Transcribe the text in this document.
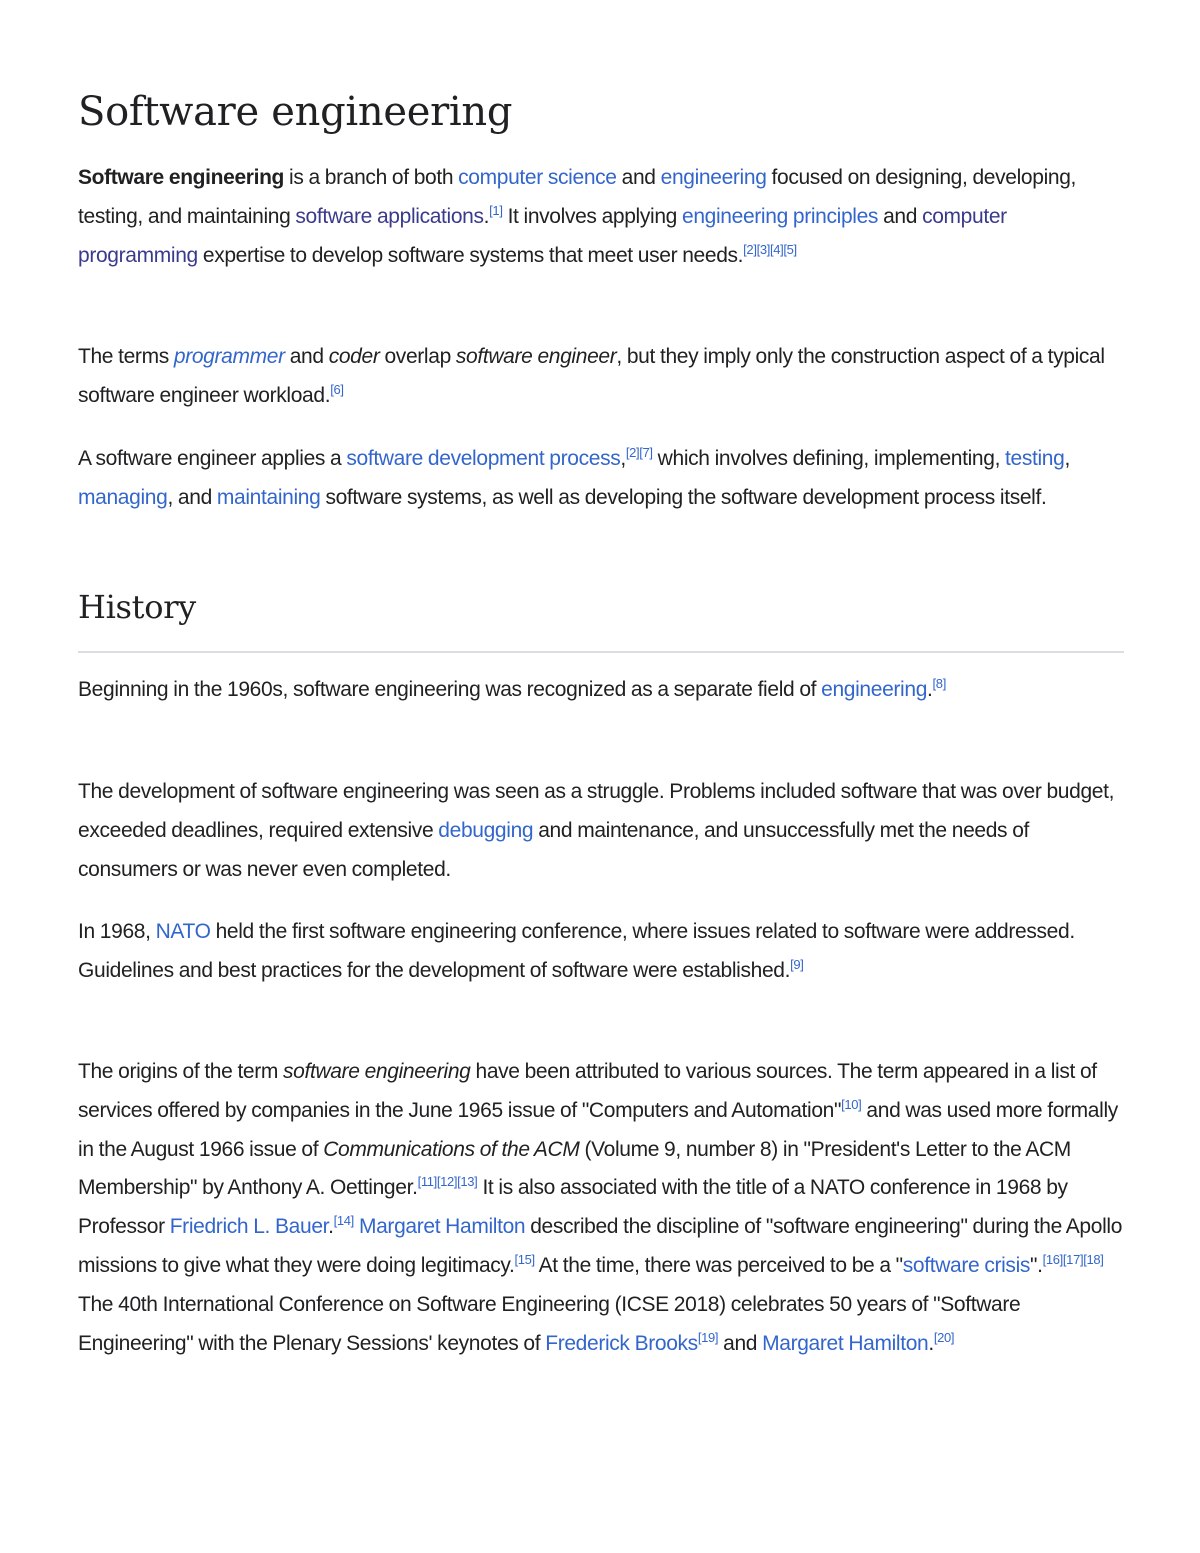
Software engineering

Software engineering is a branch of both computer science and engineering focused on designing, developing, testing, and maintaining software applications.[1] It involves applying engineering principles and computer programming expertise to develop software systems that meet user needs.[2][3][4][5]

The terms programmer and coder overlap software engineer, but they imply only the construction aspect of a typical software engineer workload.[6]

A software engineer applies a software development process,[2][7] which involves defining, implementing, testing, managing, and maintaining software systems, as well as developing the software development process itself.

History

Beginning in the 1960s, software engineering was recognized as a separate field of engineering.[8]

The development of software engineering was seen as a struggle. Problems included software that was over budget, exceeded deadlines, required extensive debugging and maintenance, and unsuccessfully met the needs of consumers or was never even completed.

In 1968, NATO held the first software engineering conference, where issues related to software were addressed. Guidelines and best practices for the development of software were established.[9]

The origins of the term software engineering have been attributed to various sources. The term appeared in a list of services offered by companies in the June 1965 issue of "Computers and Automation"[10] and was used more formally in the August 1966 issue of Communications of the ACM (Volume 9, number 8) in "President's Letter to the ACM Membership" by Anthony A. Oettinger.[11][12][13] It is also associated with the title of a NATO conference in 1968 by Professor Friedrich L. Bauer.[14] Margaret Hamilton described the discipline of "software engineering" during the Apollo missions to give what they were doing legitimacy.[15] At the time, there was perceived to be a "software crisis".[16][17][18] The 40th International Conference on Software Engineering (ICSE 2018) celebrates 50 years of "Software Engineering" with the Plenary Sessions' keynotes of Frederick Brooks[19] and Margaret Hamilton.[20]
